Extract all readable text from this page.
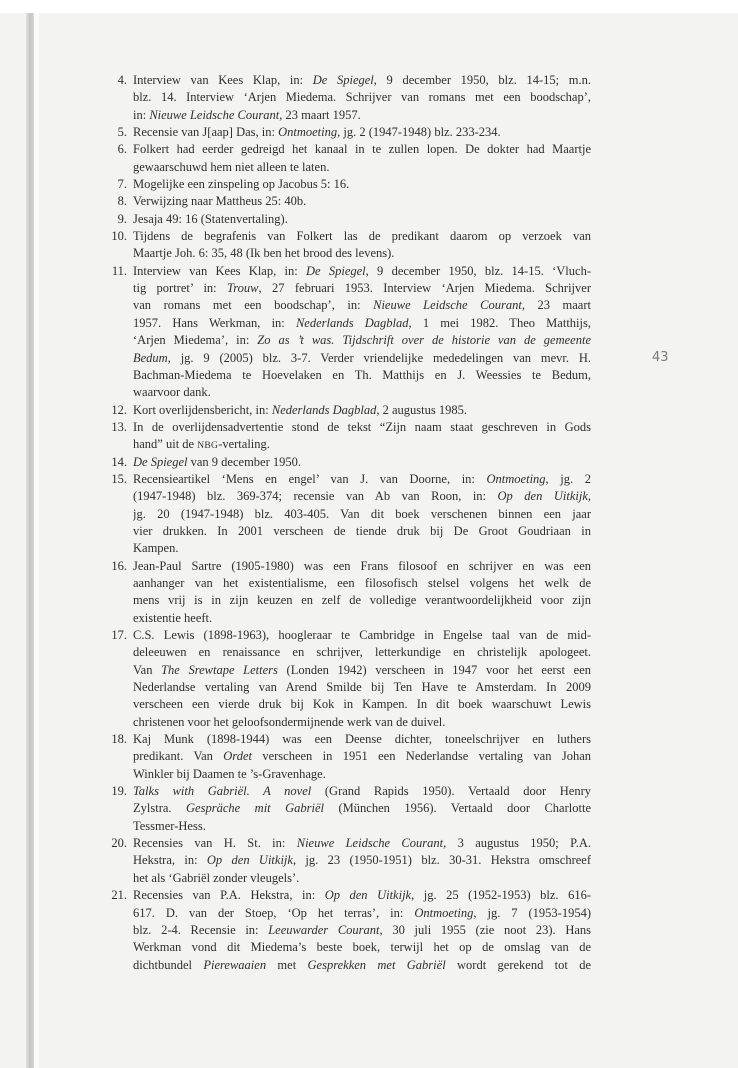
4. Interview van Kees Klap, in: De Spiegel, 9 december 1950, blz. 14-15; m.n.
blz. 14. Interview ‘Arjen Miedema. Schrijver van romans met een boodschap’,
in: Nieuwe Leidsche Courant, 23 maart 1957.
5. Recensie van J[aap] Das, in: Ontmoeting, jg. 2 (1947-1948) blz. 233-234.
6. Folkert had eerder gedreigd het kanaal in te zullen lopen. De dokter had Maartje
gewaarschuwd hem niet alleen te laten.
7. Mogelijke een zinspeling op Jacobus 5: 16.
8. Verwijzing naar Mattheus 25: 40b.
9. Jesaja 49: 16 (Statenvertaling).
10. Tijdens de begrafenis van Folkert las de predikant daarom op verzoek van
Maartje Joh. 6: 35, 48 (Ik ben het brood des levens).
11. Interview van Kees Klap, in: De Spiegel, 9 december 1950, blz. 14-15. ‘Vluch-
tig portret’ in: Trouw, 27 februari 1953. Interview ‘Arjen Miedema. Schrijver
van romans met een boodschap’, in: Nieuwe Leidsche Courant, 23 maart
1957. Hans Werkman, in: Nederlands Dagblad, 1 mei 1982. Theo Matthijs,
‘Arjen Miedema’, in: Zo as ’t was. Tijdschrift over de historie van de gemeente
Bedum, jg. 9 (2005) blz. 3-7. Verder vriendelijke mededelingen van mevr. H.
Bachman-Miedema te Hoevelaken en Th. Matthijs en J. Weessies te Bedum,
waarvoor dank.
12. Kort overlijdensbericht, in: Nederlands Dagblad, 2 augustus 1985.
13. In de overlijdensadvertentie stond de tekst “Zijn naam staat geschreven in Gods
hand” uit de NBG-vertaling.
14. De Spiegel van 9 december 1950.
15. Recensieartikel ‘Mens en engel’ van J. van Doorne, in: Ontmoeting, jg. 2
(1947-1948) blz. 369-374; recensie van Ab van Roon, in: Op den Uitkijk,
jg. 20 (1947-1948) blz. 403-405. Van dit boek verschenen binnen een jaar
vier drukken. In 2001 verscheen de tiende druk bij De Groot Goudriaan in
Kampen.
16. Jean-Paul Sartre (1905-1980) was een Frans filosoof en schrijver en was een
aanhanger van het existentialisme, een filosofisch stelsel volgens het welk de
mens vrij is in zijn keuzen en zelf de volledige verantwoordelijkheid voor zijn
existentie heeft.
17. C.S. Lewis (1898-1963), hoogleraar te Cambridge in Engelse taal van de mid-
deleeuwen en renaissance en schrijver, letterkundige en christelijk apologeet.
Van The Srewtape Letters (Londen 1942) verscheen in 1947 voor het eerst een
Nederlandse vertaling van Arend Smilde bij Ten Have te Amsterdam. In 2009
verscheen een vierde druk bij Kok in Kampen. In dit boek waarschuwt Lewis
christenen voor het geloofsondermijnende werk van de duivel.
18. Kaj Munk (1898-1944) was een Deense dichter, toneelschrijver en luthers
predikant. Van Ordet verscheen in 1951 een Nederlandse vertaling van Johan
Winkler bij Daamen te ’s-Gravenhage.
19. Talks with Gabriël. A novel (Grand Rapids 1950). Vertaald door Henry
Zylstra. Gespräche mit Gabriël (München 1956). Vertaald door Charlotte
Tessmer-Hess.
20. Recensies van H. St. in: Nieuwe Leidsche Courant, 3 augustus 1950; P.A.
Hekstra, in: Op den Uitkijk, jg. 23 (1950-1951) blz. 30-31. Hekstra omschreef
het als ‘Gabriël zonder vleugels’.
21. Recensies van P.A. Hekstra, in: Op den Uitkijk, jg. 25 (1952-1953) blz. 616-
617. D. van der Stoep, ‘Op het terras’, in: Ontmoeting, jg. 7 (1953-1954)
blz. 2-4. Recensie in: Leeuwarder Courant, 30 juli 1955 (zie noot 23). Hans
Werkman vond dit Miedema’s beste boek, terwijl het op de omslag van de
dichtbundel Pierewaaien met Gesprekken met Gabriël wordt gerekend tot de
43
